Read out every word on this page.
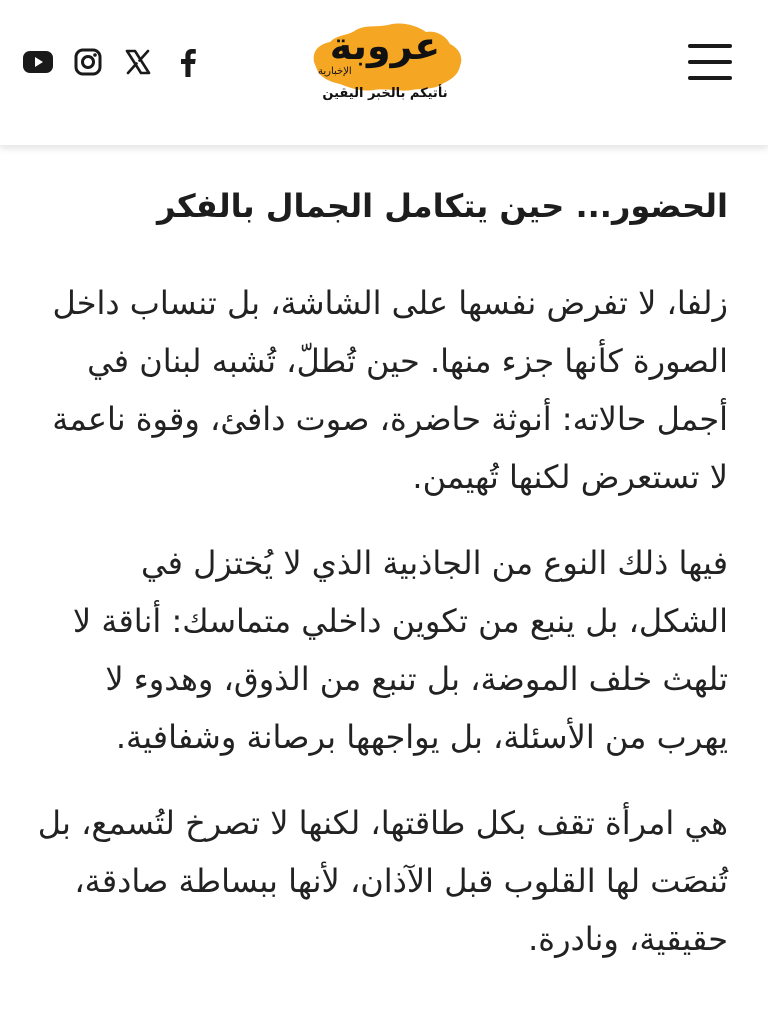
عروبة
الإخبارية
نأتيكم بالخبر اليقين
الحضور... حين يتكامل الجمال بالفكر

زلفا، لا تفرض نفسها على الشاشة، بل تنساب داخل الصورة كأنها جزء منها. حين تُطلّ، تُشبه لبنان في أجمل حالاته: أنوثة حاضرة، صوت دافئ، وقوة ناعمة لا تستعرض لكنها تُهيمن.

فيها ذلك النوع من الجاذبية الذي لا يُختزل في الشكل، بل ينبع من تكوين داخلي متماسك: أناقة لا تلهث خلف الموضة، بل تنبع من الذوق، وهدوء لا يهرب من الأسئلة، بل يواجهها برصانة وشفافية.

هي امرأة تقف بكل طاقتها، لكنها لا تصرخ لتُسمع، بل تُنصَت لها القلوب قبل الآذان، لأنها ببساطة صادقة، حقيقية، ونادرة.
